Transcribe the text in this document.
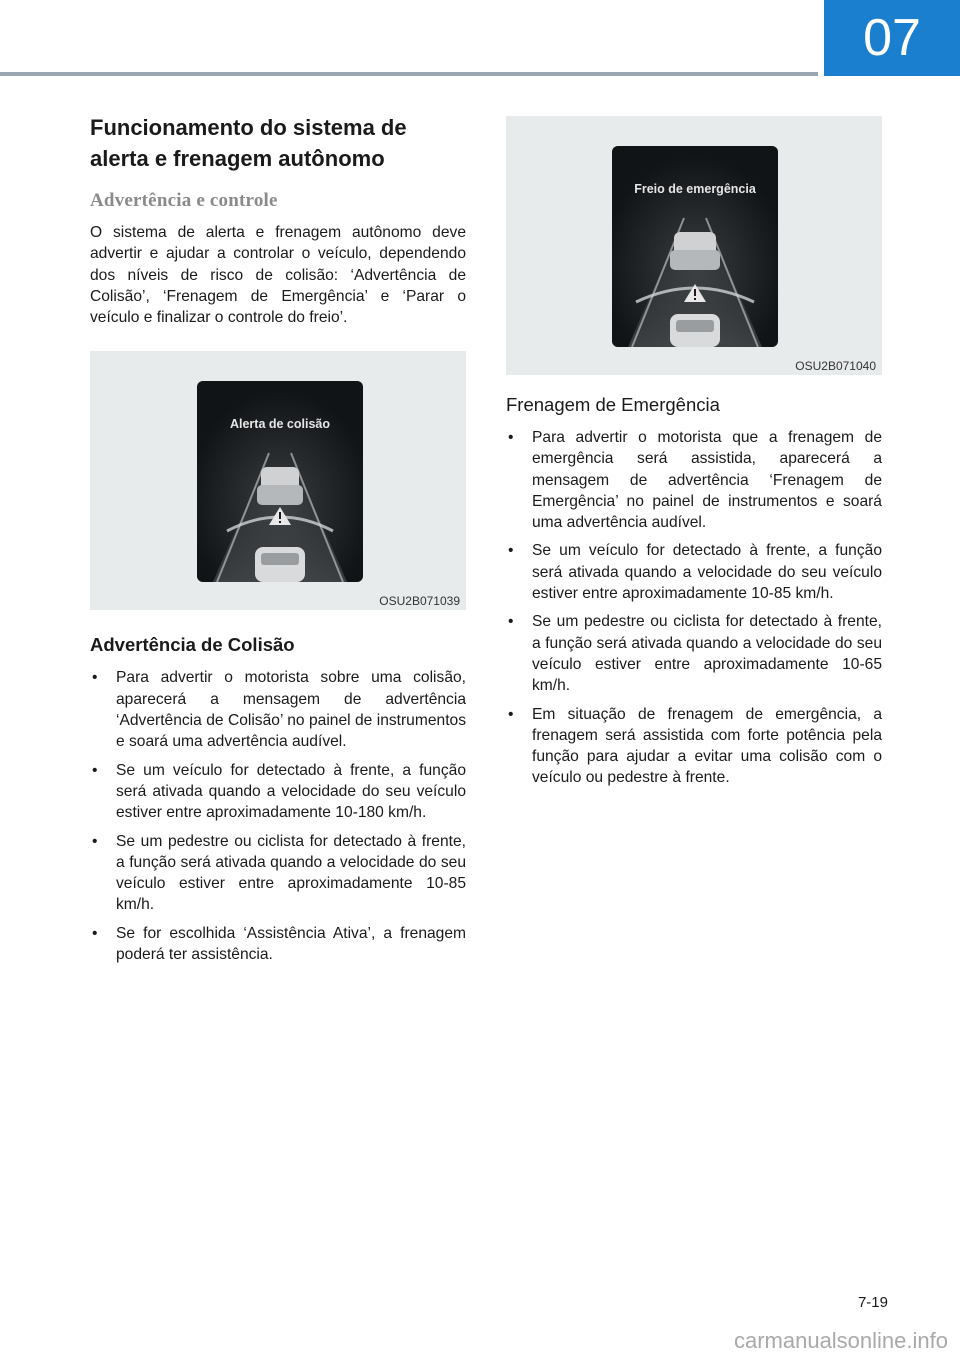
07
Funcionamento do sistema de alerta e frenagem autônomo
Advertência e controle

O sistema de alerta e frenagem autônomo deve advertir e ajudar a controlar o veículo, dependendo dos níveis de risco de colisão: ‘Advertência de Colisão’, ‘Frenagem de Emergência’ e ‘Parar o veículo e finalizar o controle do freio’.

Alerta de colisão
OSU2B071039
Advertência de Colisão
• Para advertir o motorista sobre uma colisão, aparecerá a mensagem de advertência ‘Advertência de Colisão’ no painel de instrumentos e soará uma advertência audível.
• Se um veículo for detectado à frente, a função será ativada quando a velocidade do seu veículo estiver entre aproximadamente 10-180 km/h.
• Se um pedestre ou ciclista for detectado à frente, a função será ativada quando a velocidade do seu veículo estiver entre aproximadamente 10-85 km/h.
• Se for escolhida ‘Assistência Ativa’, a frenagem poderá ter assistência.
Freio de emergência
OSU2B071040
Frenagem de Emergência
• Para advertir o motorista que a frenagem de emergência será assistida, aparecerá a mensagem de advertência ‘Frenagem de Emergência’ no painel de instrumentos e soará uma advertência audível.
• Se um veículo for detectado à frente, a função será ativada quando a velocidade do seu veículo estiver entre aproximadamente 10-85 km/h.
• Se um pedestre ou ciclista for detectado à frente, a função será ativada quando a velocidade do seu veículo estiver entre aproximadamente 10-65 km/h.
• Em situação de frenagem de emergência, a frenagem será assistida com forte potência pela função para ajudar a evitar uma colisão com o veículo ou pedestre à frente.
7-19
carmanualsonline.info
